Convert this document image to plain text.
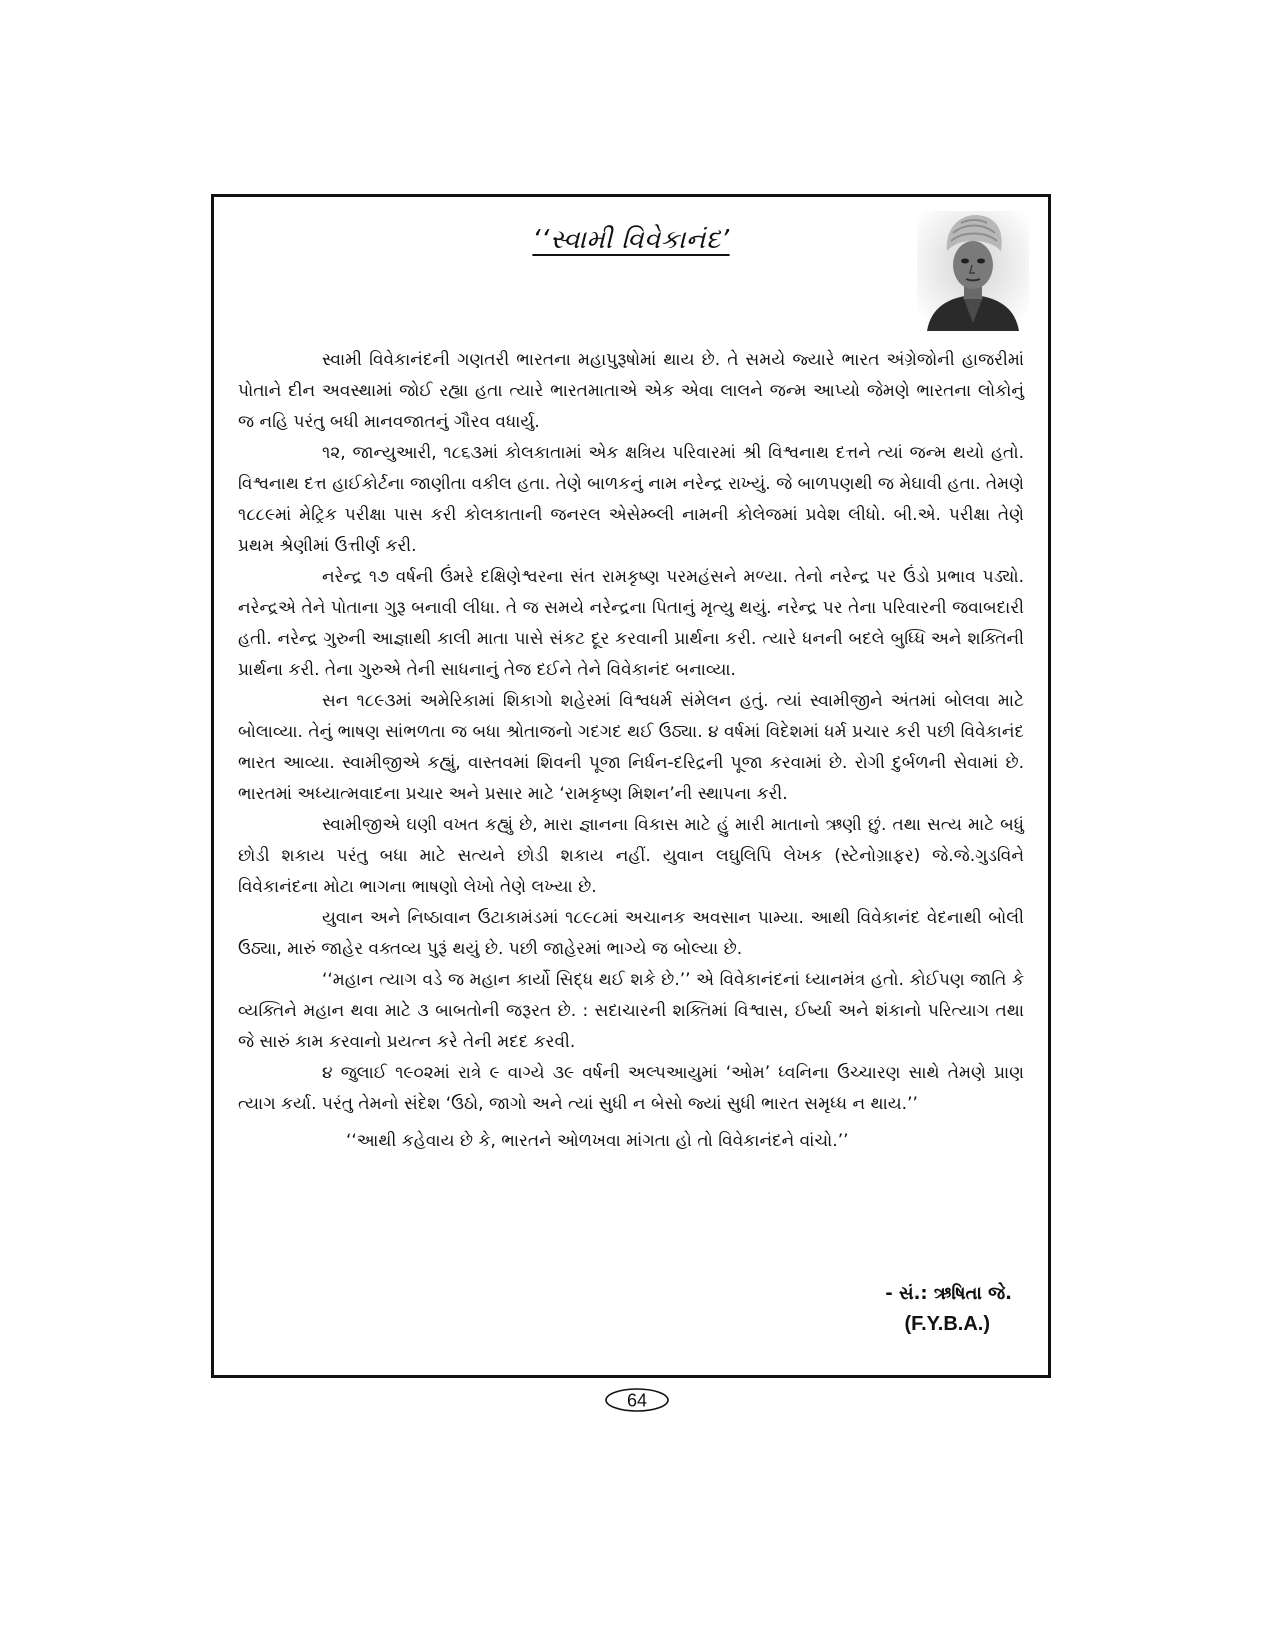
‘‘સ્વામી વિવેકાનંદ’

સ્વામી વિવેકાનંદની ગણતરી ભારતના મહાપુરૂષોમાં થાય છે. તે સમયે જ્યારે ભારત અંગ્રેજોની હાજરીમાં પોતાને દીન અવસ્થામાં જોઈ રહ્યા હતા ત્યારે ભારતમાતાએ એક એવા લાલને જન્મ આપ્યો જેમણે ભારતના લોકોનું જ નહિ પરંતુ બધી માનવજાતનું ગૌરવ વધાર્યુ.

૧૨, જાન્યુઆરી, ૧૮૬૩માં કોલકાતામાં એક ક્ષત્રિય પરિવારમાં શ્રી વિશ્વનાથ દત્તને ત્યાં જન્મ થયો હતો. વિશ્વનાથ દત્ત હાઈકોર્ટના જાણીતા વકીલ હતા. તેણે બાળકનું નામ નરેન્દ્ર રાખ્યું. જે બાળપણથી જ મેઘાવી હતા. તેમણે ૧૮૮૯માં મેટ્રિક પરીક્ષા પાસ કરી કોલકાતાની જનરલ એસેમ્બ્લી નામની કોલેજમાં પ્રવેશ લીધો. બી.એ. પરીક્ષા તેણે પ્રથમ શ્રેણીમાં ઉત્તીર્ણ કરી.

નરેન્દ્ર ૧૭ વર્ષની ઉંમરે દક્ષિણેશ્વરના સંત રામકૃષ્ણ પરમહંસને મળ્યા. તેનો નરેન્દ્ર પર ઉંડો પ્રભાવ પડ્યો. નરેન્દ્રએ તેને પોતાના ગુરૂ બનાવી લીધા. તે જ સમયે નરેન્દ્રના પિતાનું મૃત્યુ થયું. નરેન્દ્ર પર તેના પરિવારની જવાબદારી હતી. નરેન્દ્ર ગુરુની આજ્ઞાથી કાલી માતા પાસે સંકટ દૂર કરવાની પ્રાર્થના કરી. ત્યારે ધનની બદલે બુધ્ધિ અને શક્તિની પ્રાર્થના કરી. તેના ગુરુએ તેની સાધનાનું તેજ દઈને તેને વિવેકાનંદ બનાવ્યા.

સન ૧૮૯૩માં અમેરિકામાં શિકાગો શહેરમાં વિશ્વધર્મ સંમેલન હતું. ત્યાં સ્વામીજીને અંતમાં બોલવા માટે બોલાવ્યા. તેનું ભાષણ સાંભળતા જ બધા શ્રોતાજનો ગદગદ થઈ ઉઠ્યા. ૪ વર્ષમાં વિદેશમાં ધર્મ પ્રચાર કરી પછી વિવેકાનંદ ભારત આવ્યા. સ્વામીજીએ કહ્યું, વાસ્તવમાં શિવની પૂજા નિર્ધન-દરિદ્રની પૂજા કરવામાં છે. રોગી દુર્બળની સેવામાં છે. ભારતમાં અધ્યાત્મવાદના પ્રચાર અને પ્રસાર માટે ‘રામકૃષ્ણ મિશન’ની સ્થાપના કરી.

સ્વામીજીએ ઘણી વખત કહ્યું છે, મારા જ્ઞાનના વિકાસ માટે હું મારી માતાનો ઋણી છું. તથા સત્ય માટે બધું છોડી શકાય પરંતુ બધા માટે સત્યને છોડી શકાય નહીં. યુવાન લઘુલિપિ લેખક (સ્ટેનોગ્રાફર) જે.જે.ગુડવિને વિવેકાનંદના મોટા ભાગના ભાષણો લેખો તેણે લખ્યા છે.

યુવાન અને નિષ્ઠાવાન ઉટાકામંડમાં ૧૮૯૮માં અચાનક અવસાન પામ્યા. આથી વિવેકાનંદ વેદનાથી બોલી ઉઠ્યા, મારું જાહેર વક્તવ્ય પુરૂં થયું છે. પછી જાહેરમાં ભાગ્યે જ બોલ્યા છે.

‘‘મહાન ત્યાગ વડે જ મહાન કાર્યો સિદ્ધ થઈ શકે છે.’’ એ વિવેકાનંદનાં ધ્યાનમંત્ર હતો. કોઈપણ જાતિ કે વ્યક્તિને મહાન થવા માટે ૩ બાબતોની જરૂરત છે. : સદાચારની શક્તિમાં વિશ્વાસ, ઈર્ષ્યા અને શંકાનો પરિત્યાગ તથા જે સારું કામ કરવાનો પ્રયત્ન કરે તેની મદદ કરવી.

૪ જુલાઈ ૧૯૦૨માં રાત્રે ૯ વાગ્યે ૩૯ વર્ષની અલ્પઆયુમાં ‘ઓમ’ ધ્વનિના ઉચ્ચારણ સાથે તેમણે પ્રાણ ત્યાગ કર્યા. પરંતુ તેમનો સંદેશ ‘ઉઠો, જાગો અને ત્યાં સુધી ન બેસો જ્યાં સુધી ભારત સમૃધ્ધ ન થાય.’’

‘‘આથી કહેવાય છે કે, ભારતને ઓળખવા માંગતા હો તો વિવેકાનંદને વાંચો.’’
- સં.: ઋષિતા જે.
(F.Y.B.A.)
64
